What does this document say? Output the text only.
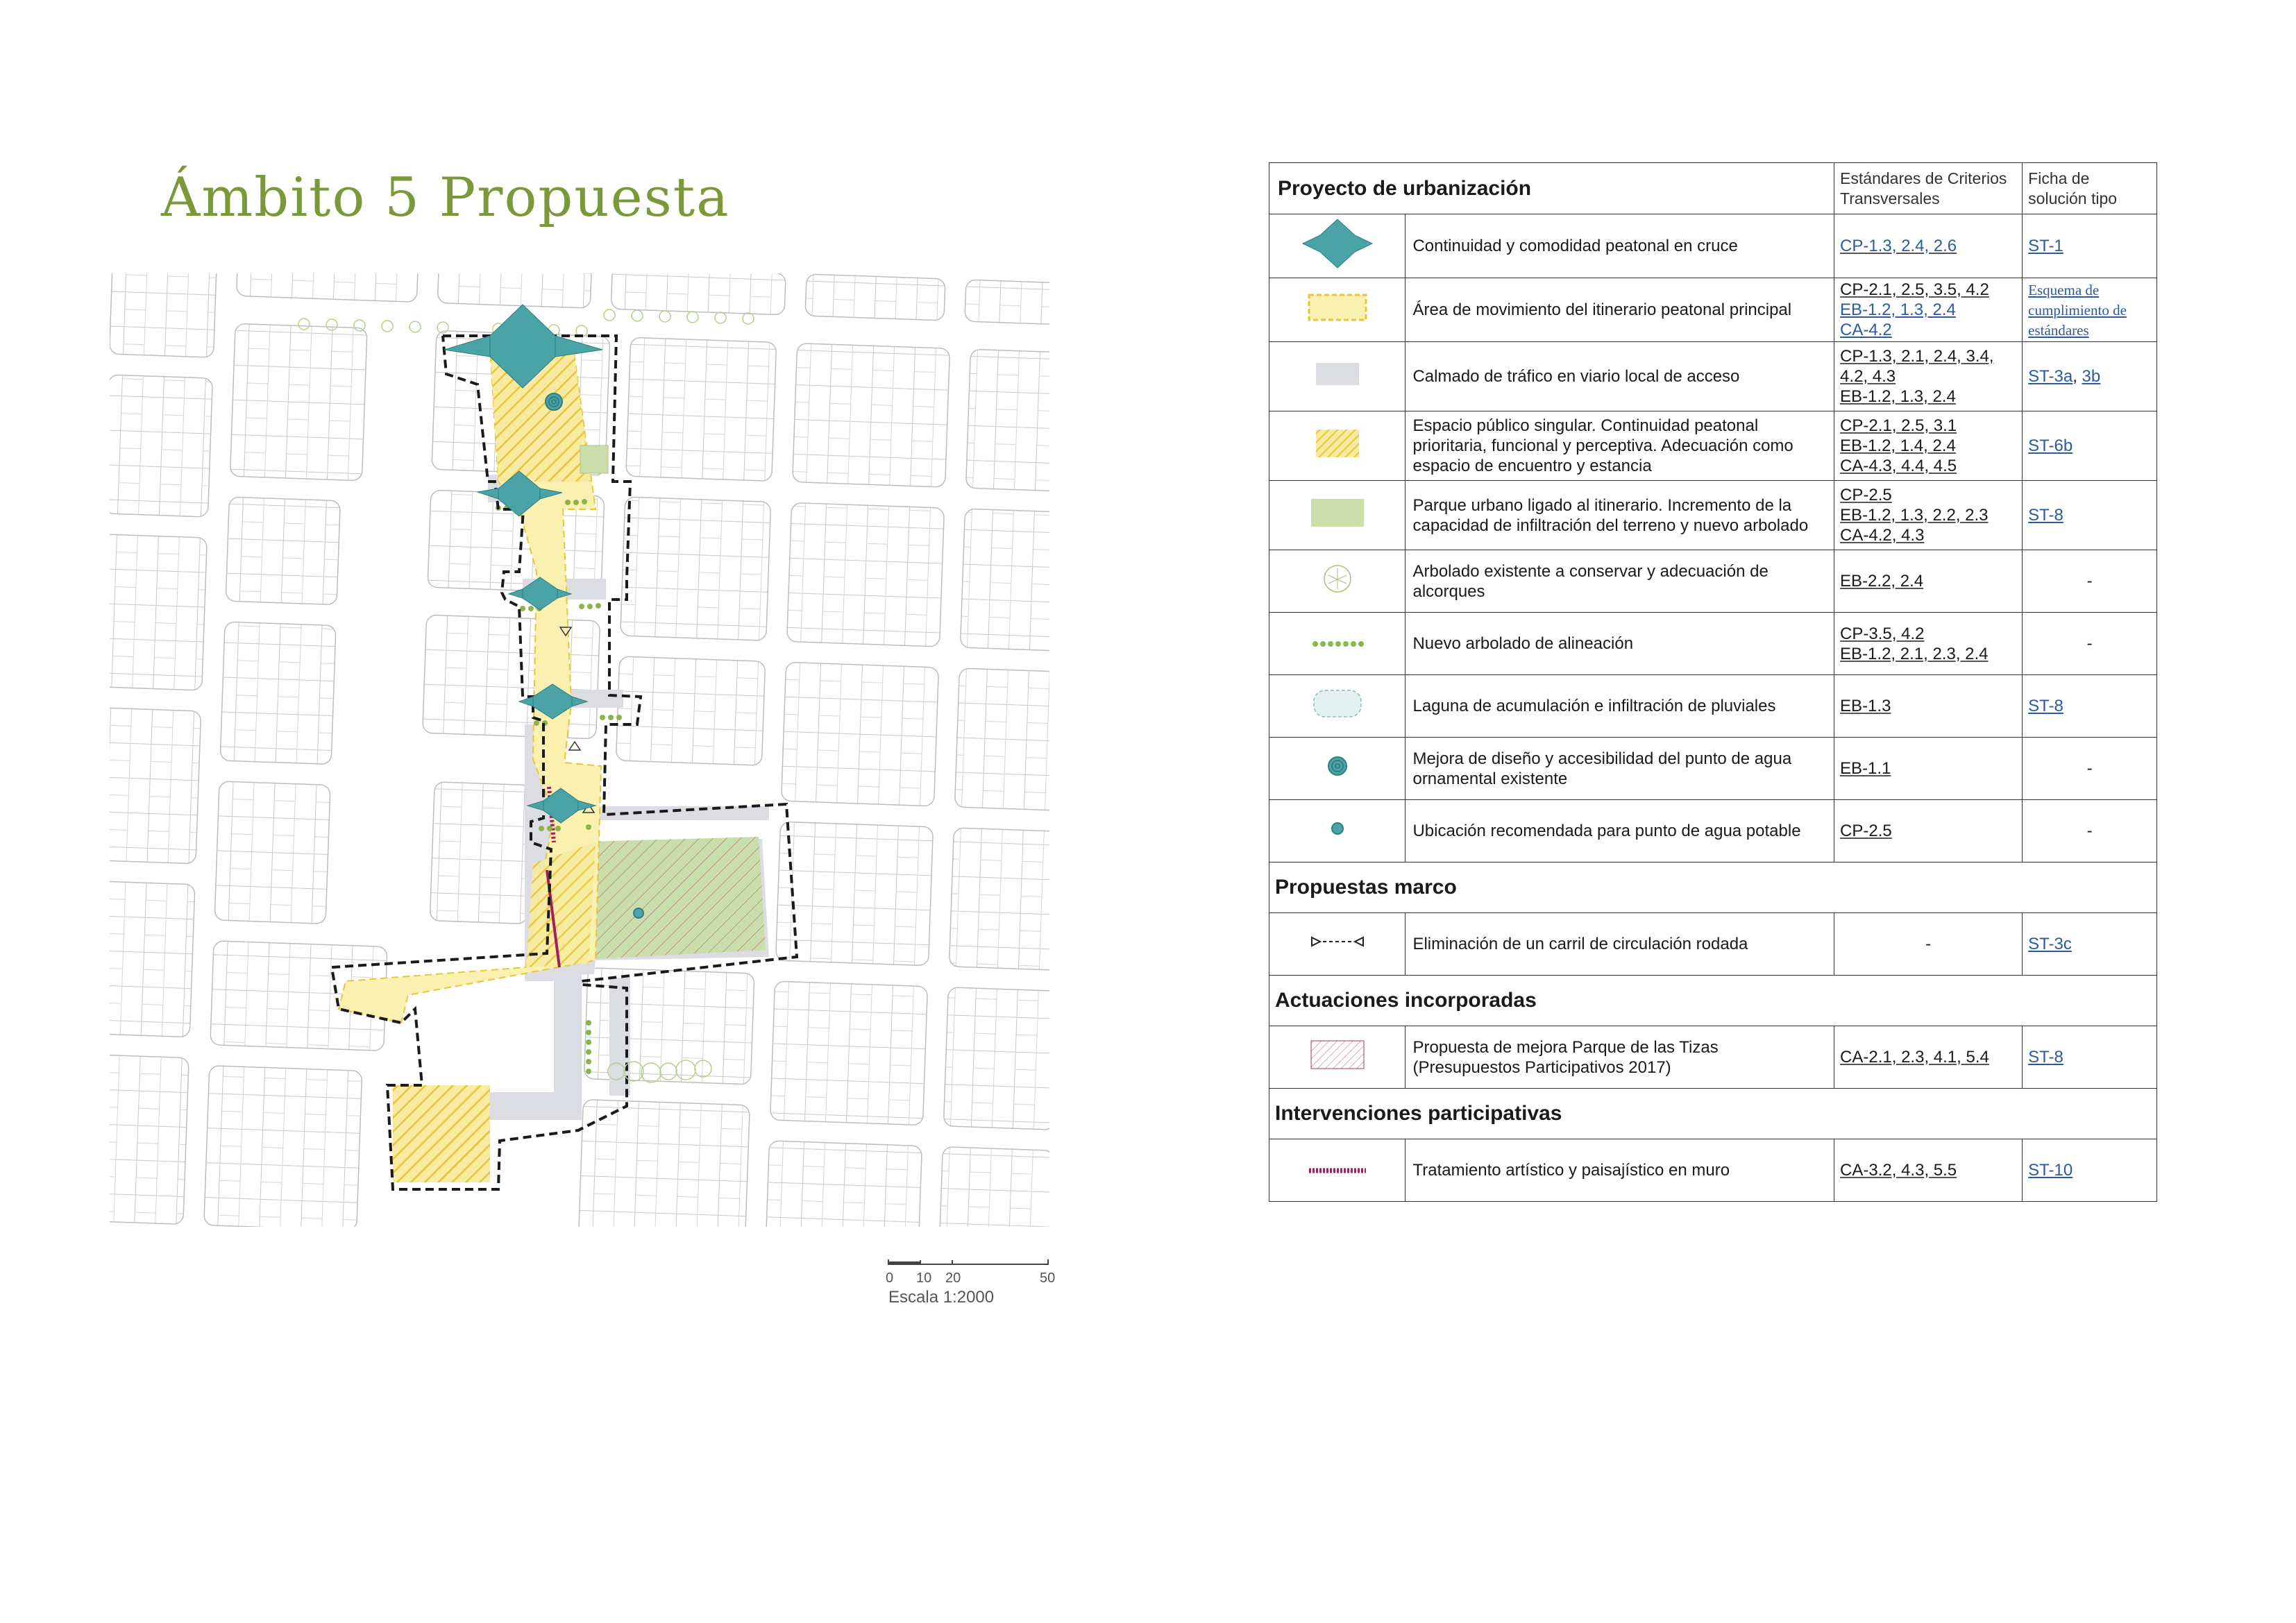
Ámbito 5 Propuesta
0 10 20	50
Escala 1:2000
Proyecto de urbanización		Estándares de Criterios Transversales	Ficha de solución tipo
	Continuidad y comodidad peatonal en cruce	CP-1.3, 2.4, 2.6	ST-1
	Área de movimiento del itinerario peatonal principal	CP-2.1, 2.5, 3.5, 4.2
EB-1.2, 1.3, 2.4
CA-4.2	Esquema de cumplimiento de estándares
	Calmado de tráfico en viario local de acceso	CP-1.3, 2.1, 2.4, 3.4,
4.2, 4.3
EB-1.2, 1.3, 2.4	ST-3a, 3b
	Espacio público singular. Continuidad peatonal prioritaria, funcional y perceptiva. Adecuación como espacio de encuentro y estancia	CP-2.1, 2.5, 3.1
EB-1.2, 1.4, 2.4
CA-4.3, 4.4, 4.5	ST-6b
	Parque urbano ligado al itinerario. Incremento de la capacidad de infiltración del terreno y nuevo arbolado	CP-2.5
EB-1.2, 1.3, 2.2, 2.3
CA-4.2, 4.3	ST-8
	Arbolado existente a conservar y adecuación de alcorques	EB-2.2, 2.4	-
	Nuevo arbolado de alineación	CP-3.5, 4.2
EB-1.2, 2.1, 2.3, 2.4	-
	Laguna de acumulación e infiltración de pluviales	EB-1.3	ST-8
	Mejora de diseño y accesibilidad del punto de agua ornamental existente	EB-1.1	-
	Ubicación recomendada para punto de agua potable	CP-2.5	-
Propuestas marco			
	Eliminación de un carril de circulación rodada	-	ST-3c
Actuaciones incorporadas			

Propuesta de mejora Parque de las Tizas
(Presupuestos Participativos 2017)	CA-2.1, 2.3, 4.1, 5.4	ST-8
Intervenciones participativas			
	Tratamiento artístico y paisajístico en muro	CA-3.2, 4.3, 5.5	ST-10
